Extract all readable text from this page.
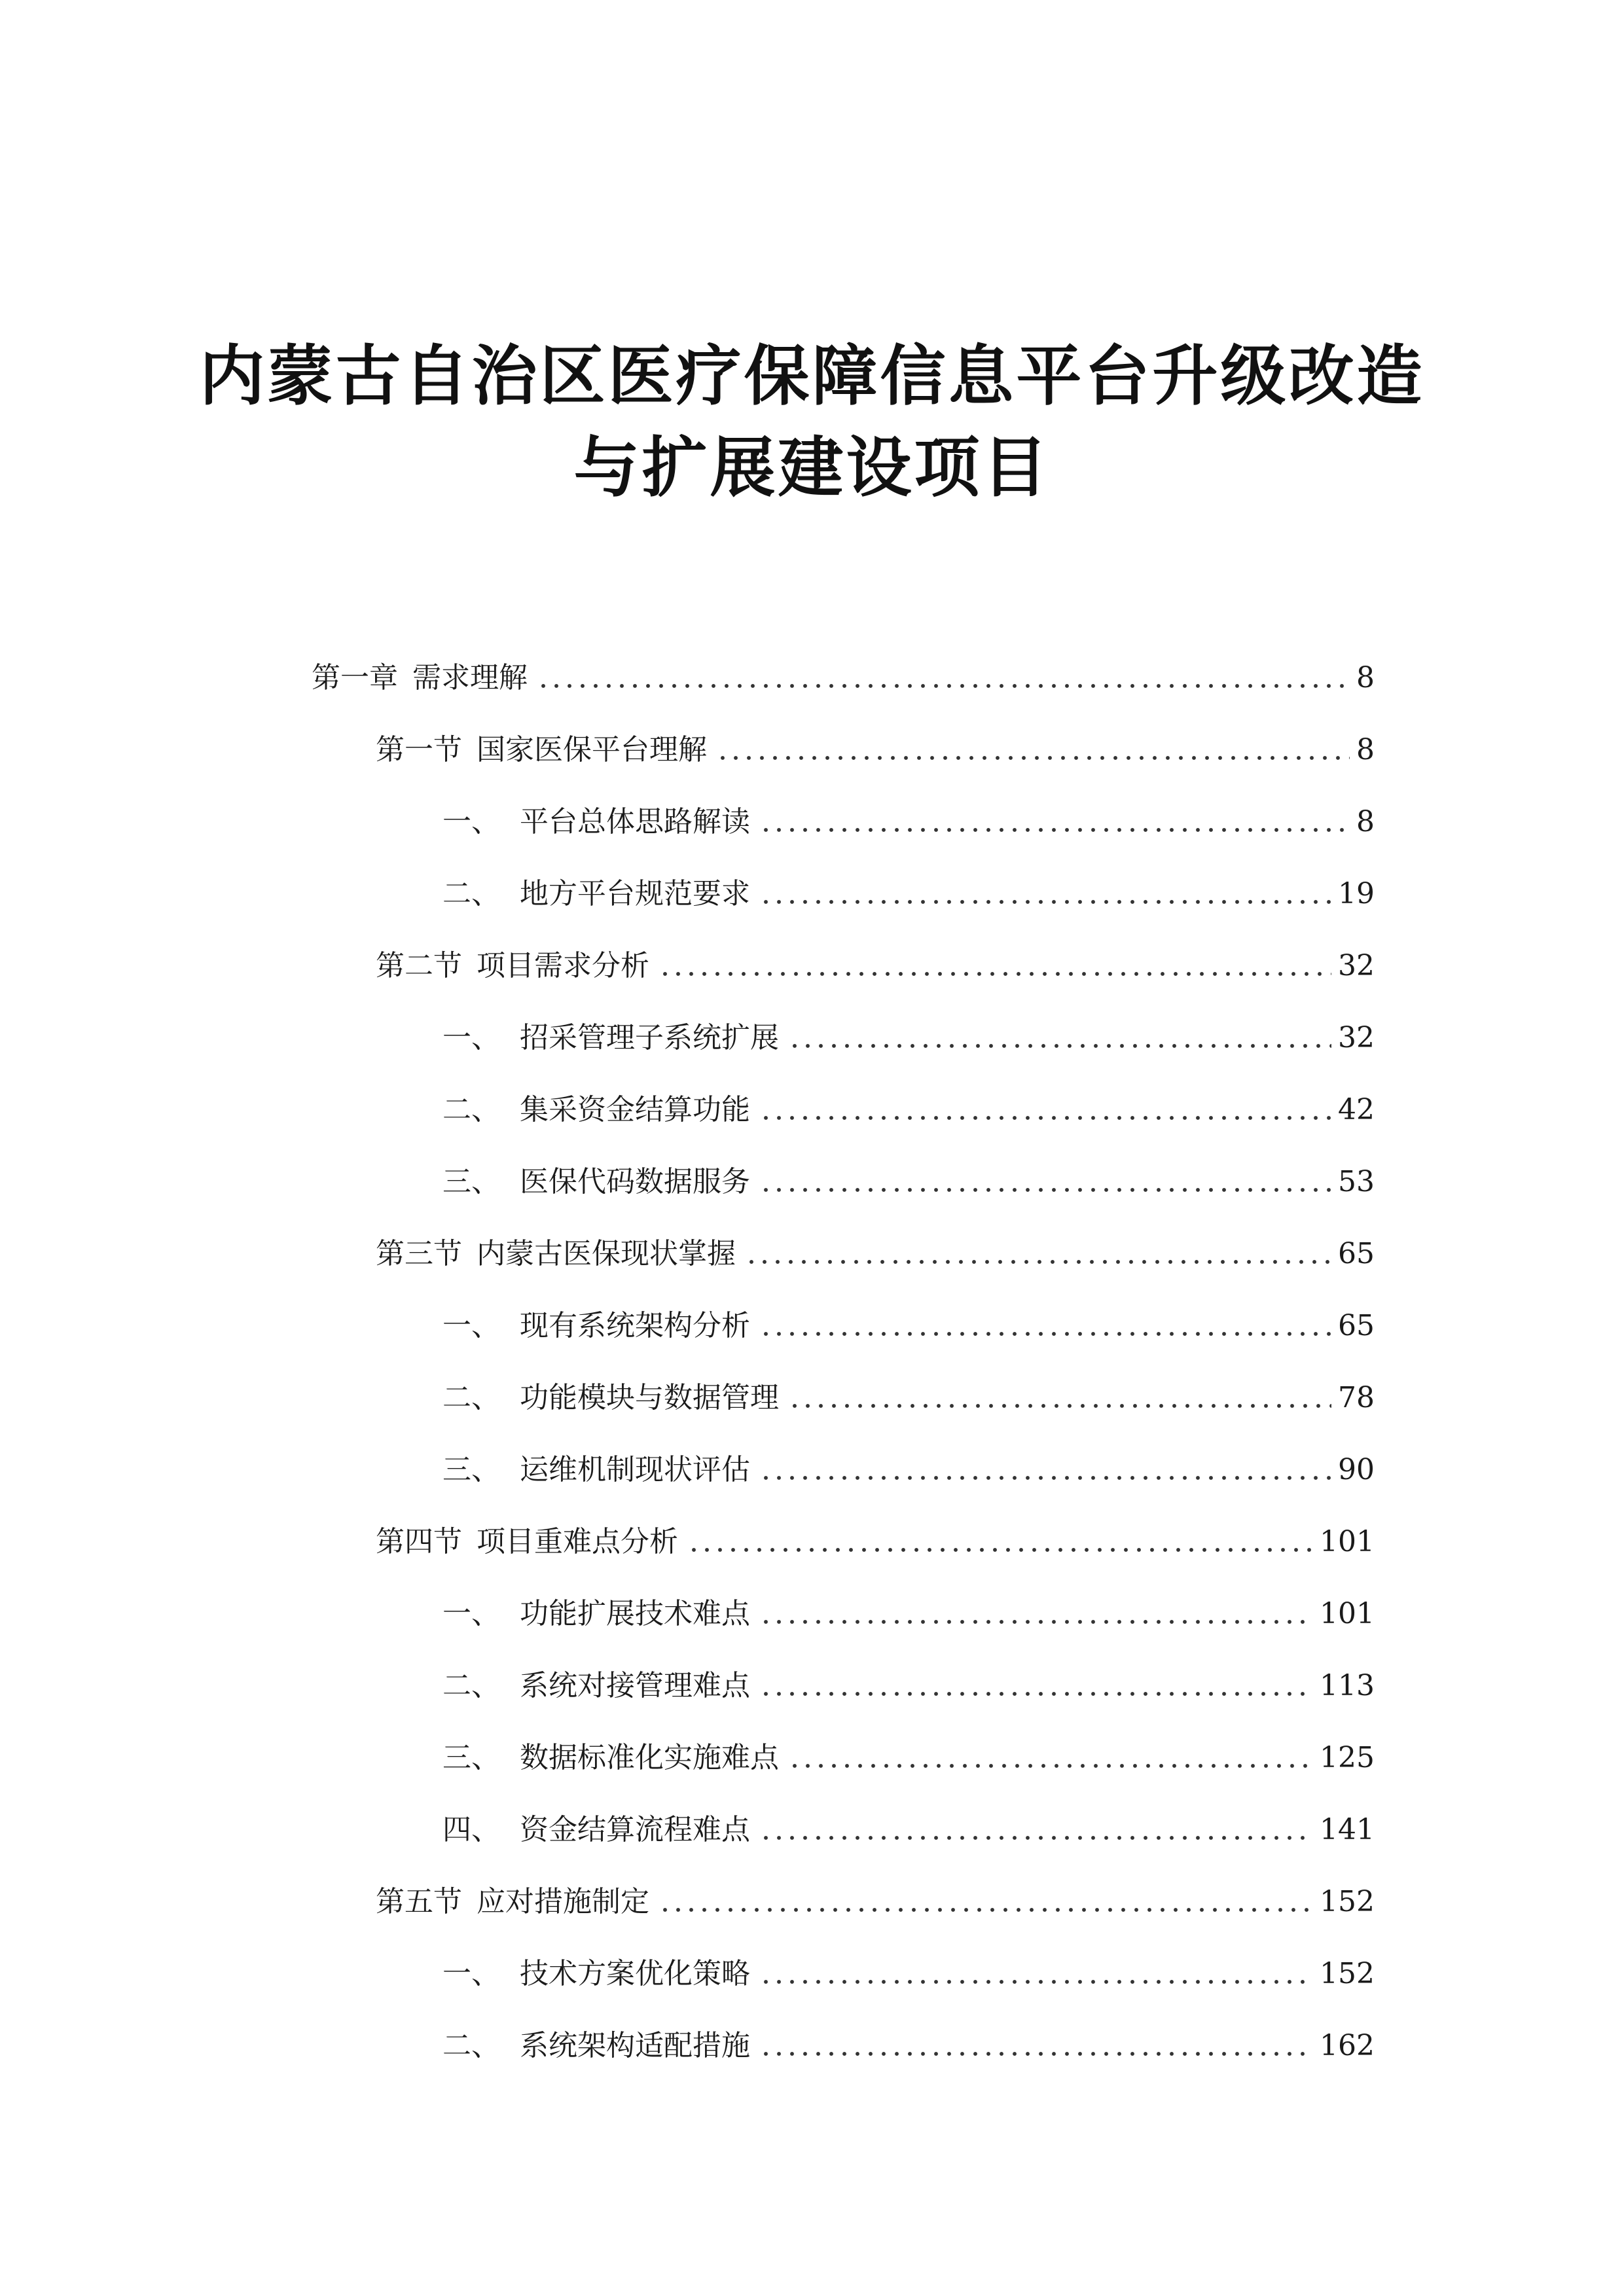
内蒙古自治区医疗保障信息平台升级改造
与扩展建设项目
第一章 需求理解	8
第一节 国家医保平台理解	8
一、 平台总体思路解读	8
二、 地方平台规范要求	19
第二节 项目需求分析	32
一、 招采管理子系统扩展	32
二、 集采资金结算功能	42
三、 医保代码数据服务	53
第三节 内蒙古医保现状掌握	65
一、 现有系统架构分析	65
二、 功能模块与数据管理	78
三、 运维机制现状评估	90
第四节 项目重难点分析	101
一、 功能扩展技术难点	101
二、 系统对接管理难点	113
三、 数据标准化实施难点	125
四、 资金结算流程难点	141
第五节 应对措施制定	152
一、 技术方案优化策略	152
二、 系统架构适配措施	162
